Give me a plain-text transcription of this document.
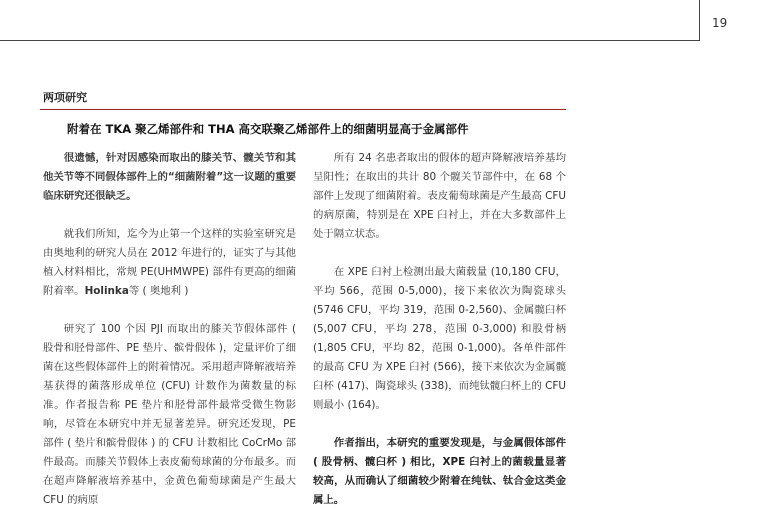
19
两项研究
附着在 TKA 聚乙烯部件和 THA 高交联聚乙烯部件上的细菌明显高于金属部件

很遗憾，针对因感染而取出的膝关节、髋关节和其他关节等不同假体部件上的“细菌附着”这一议题的重要临床研究还很缺乏。

就我们所知，迄今为止第一个这样的实验室研究是由奥地利的研究人员在 2012 年进行的，证实了与其他植入材料相比，常规 PE(UHMWPE) 部件有更高的细菌附着率。Holinka等 ( 奥地利 )

研究了 100 个因 PJI 而取出的膝关节假体部件 ( 股骨和胫骨部件、PE 垫片、髌骨假体 )，定量评价了细菌在这些假体部件上的附着情况。采用超声降解液培养基获得的菌落形成单位 (CFU) 计数作为菌数量的标准。作者报告称 PE 垫片和胫骨部件最常受微生物影响，尽管在本研究中并无显著差异。研究还发现，PE 部件 ( 垫片和髌骨假体 ) 的 CFU 计数相比 CoCrMo 部件最高。而膝关节假体上表皮葡萄球菌的分布最多。而在超声降解液培养基中，金黄色葡萄球菌是产生最大 CFU 的病原

所有 24 名患者取出的假体的超声降解液培养基均呈阳性；在取出的共计 80 个髋关节部件中，在 68 个部件上发现了细菌附着。表皮葡萄球菌是产生最高 CFU 的病原菌，特别是在 XPE 臼衬上，并在大多数部件上处于隔立状态。

在 XPE 臼衬上检测出最大菌载量 (10,180 CFU，平均 566，范围 0-5,000)，接下来依次为陶瓷球头 (5746 CFU，平均 319，范围 0-2,560)、金属髋臼杯 (5,007 CFU，平均 278，范围 0-3,000) 和股骨柄 (1,805 CFU，平均 82，范围 0-1,000)。各单件部件的最高 CFU 为 XPE 臼衬 (566)，接下来依次为金属髋臼杯 (417)、陶瓷球头 (338)，而纯钛髋臼杯上的 CFU 则最小 (164)。

作者指出，本研究的重要发现是，与金属假体部件 ( 股骨柄、髋臼杯 ) 相比，XPE 臼衬上的菌载量显著较高，从而确认了细菌较少附着在纯钛、钛合金这类金属上。
